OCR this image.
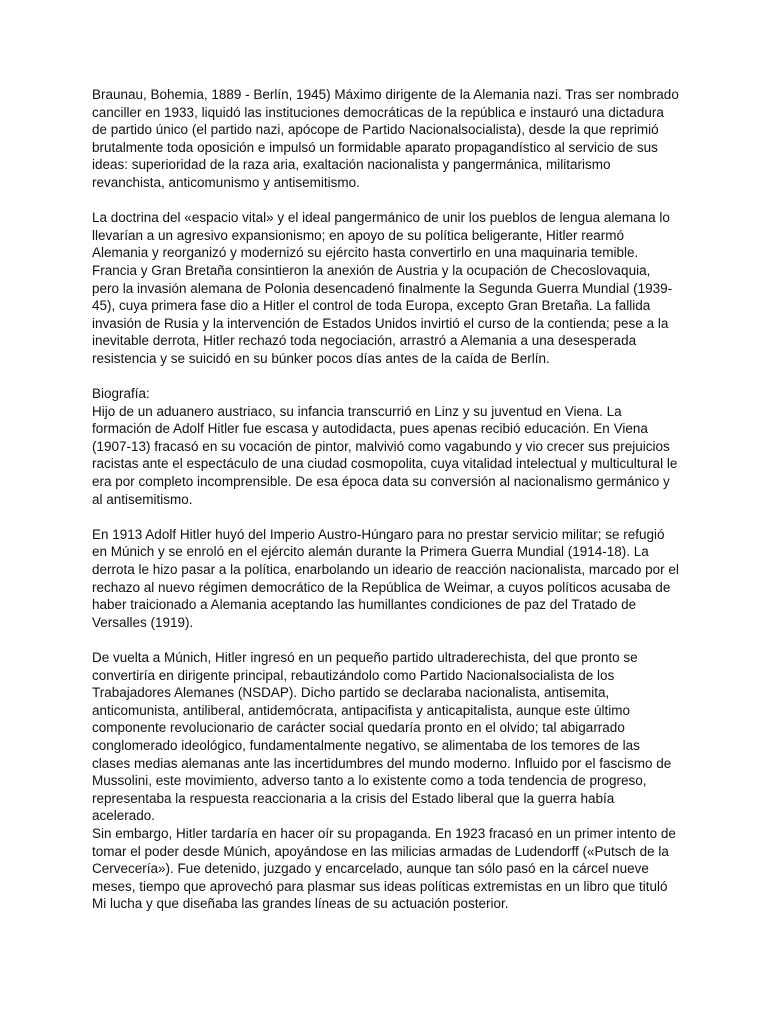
Braunau, Bohemia, 1889 - Berlín, 1945) Máximo dirigente de la Alemania nazi. Tras ser nombrado canciller en 1933, liquidó las instituciones democráticas de la república e instauró una dictadura de partido único (el partido nazi, apócope de Partido Nacionalsocialista), desde la que reprimió brutalmente toda oposición e impulsó un formidable aparato propagandístico al servicio de sus ideas: superioridad de la raza aria, exaltación nacionalista y pangermánica, militarismo revanchista, anticomunismo y antisemitismo.

La doctrina del «espacio vital» y el ideal pangermánico de unir los pueblos de lengua alemana lo llevarían a un agresivo expansionismo; en apoyo de su política beligerante, Hitler rearmó Alemania y reorganizó y modernizó su ejército hasta convertirlo en una maquinaria temible. Francia y Gran Bretaña consintieron la anexión de Austria y la ocupación de Checoslovaquia, pero la invasión alemana de Polonia desencadenó finalmente la Segunda Guerra Mundial (1939-45), cuya primera fase dio a Hitler el control de toda Europa, excepto Gran Bretaña. La fallida invasión de Rusia y la intervención de Estados Unidos invirtió el curso de la contienda; pese a la inevitable derrota, Hitler rechazó toda negociación, arrastró a Alemania a una desesperada resistencia y se suicidó en su búnker pocos días antes de la caída de Berlín.

Biografía:

Hijo de un aduanero austriaco, su infancia transcurrió en Linz y su juventud en Viena. La formación de Adolf Hitler fue escasa y autodidacta, pues apenas recibió educación. En Viena (1907-13) fracasó en su vocación de pintor, malvivió como vagabundo y vio crecer sus prejuicios racistas ante el espectáculo de una ciudad cosmopolita, cuya vitalidad intelectual y multicultural le era por completo incomprensible. De esa época data su conversión al nacionalismo germánico y al antisemitismo.

En 1913 Adolf Hitler huyó del Imperio Austro-Húngaro para no prestar servicio militar; se refugió en Múnich y se enroló en el ejército alemán durante la Primera Guerra Mundial (1914-18). La derrota le hizo pasar a la política, enarbolando un ideario de reacción nacionalista, marcado por el rechazo al nuevo régimen democrático de la República de Weimar, a cuyos políticos acusaba de haber traicionado a Alemania aceptando las humillantes condiciones de paz del Tratado de Versalles (1919).

De vuelta a Múnich, Hitler ingresó en un pequeño partido ultraderechista, del que pronto se convertiría en dirigente principal, rebautizándolo como Partido Nacionalsocialista de los Trabajadores Alemanes (NSDAP). Dicho partido se declaraba nacionalista, antisemita, anticomunista, antiliberal, antidemócrata, antipacifista y anticapitalista, aunque este último componente revolucionario de carácter social quedaría pronto en el olvido; tal abigarrado conglomerado ideológico, fundamentalmente negativo, se alimentaba de los temores de las clases medias alemanas ante las incertidumbres del mundo moderno. Influido por el fascismo de Mussolini, este movimiento, adverso tanto a lo existente como a toda tendencia de progreso, representaba la respuesta reaccionaria a la crisis del Estado liberal que la guerra había acelerado.

Sin embargo, Hitler tardaría en hacer oír su propaganda. En 1923 fracasó en un primer intento de tomar el poder desde Múnich, apoyándose en las milicias armadas de Ludendorff («Putsch de la Cervecería»). Fue detenido, juzgado y encarcelado, aunque tan sólo pasó en la cárcel nueve meses, tiempo que aprovechó para plasmar sus ideas políticas extremistas en un libro que tituló Mi lucha y que diseñaba las grandes líneas de su actuación posterior.
